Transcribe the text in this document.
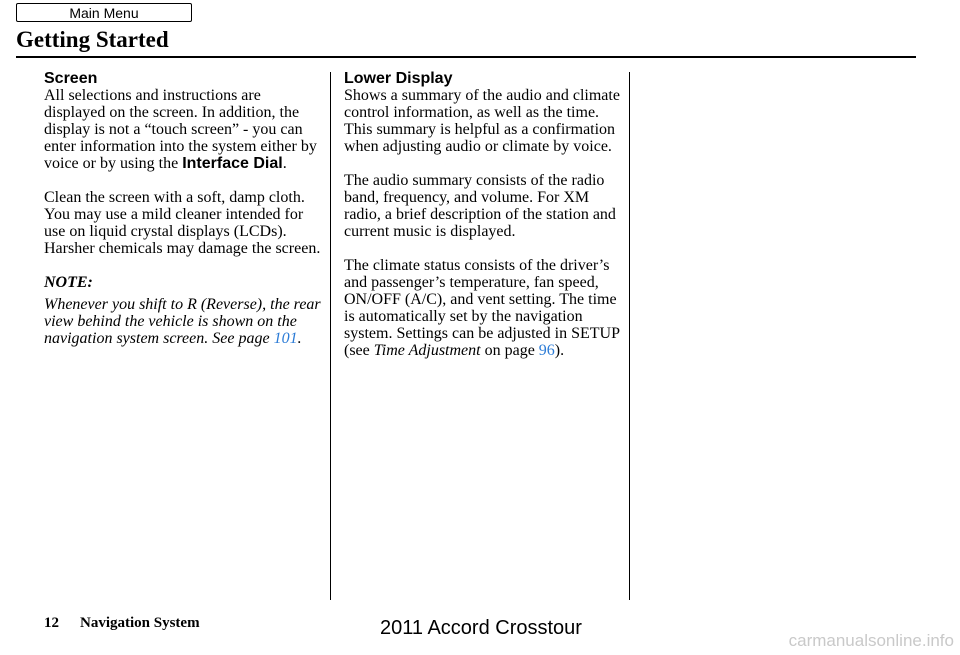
Main Menu
Getting Started
Screen

All selections and instructions are displayed on the screen. In addition, the display is not a “touch screen” - you can enter information into the system either by voice or by using the Interface Dial.

Clean the screen with a soft, damp cloth. You may use a mild cleaner intended for use on liquid crystal displays (LCDs). Harsher chemicals may damage the screen.

NOTE:

Whenever you shift to R (Reverse), the rear view behind the vehicle is shown on the navigation system screen. See page 101.

Lower Display

Shows a summary of the audio and climate control information, as well as the time. This summary is helpful as a confirmation when adjusting audio or climate by voice.

The audio summary consists of the radio band, frequency, and volume. For XM radio, a brief description of the station and current music is displayed.

The climate status consists of the driver’s and passenger’s temperature, fan speed, ON/OFF (A/C), and vent setting. The time is automatically set by the navigation system. Settings can be adjusted in SETUP (see Time Adjustment on page 96).

12 Navigation System	2011 Accord Crosstour
carmanualsonline.info
